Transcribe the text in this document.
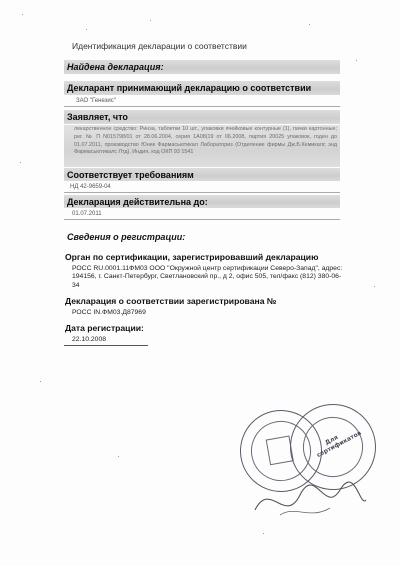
Идентификация декларации о соответствии
Найдена декларация:
Декларант принимающий декларацию о соответствии
ЗАО "Генезис"
Заявляет, что
лекарственное средство: Ринза, таблетки 10 шт., упаковки ячейковые контурные (1), пачки картонные; рег. № П N015798/01 от 28.06.2004, серия 1А08(19 от 06.2008, партия 20025 упаковок, годен до 01.07.2011, производство Юник Фармасьютикал Лабораториз (Отделение фирмы Дж.Б.Кемикалс энд Фармасьютикалс Лтд), Индия, код ОКП 93 1541
Соответствует требованиям
НД 42-9659-04
Декларация действительна до:
01.07.2011
Сведения о регистрации:
Орган по сертификации, зарегистрировавший декларацию
РОСС RU.0001.11ФМ03 ООО "Окружной центр сертификации Северо-Запад", адрес: 194156, г. Санкт-Петербург, Светлановский пр., д 2, офис 505, тел/факс (812) 380-06-34
Декларация о соответствии зарегистрирована №
РОСС IN.ФМ03.Д87969
Дата регистрации:
22.10.2008
Для сертификатов
